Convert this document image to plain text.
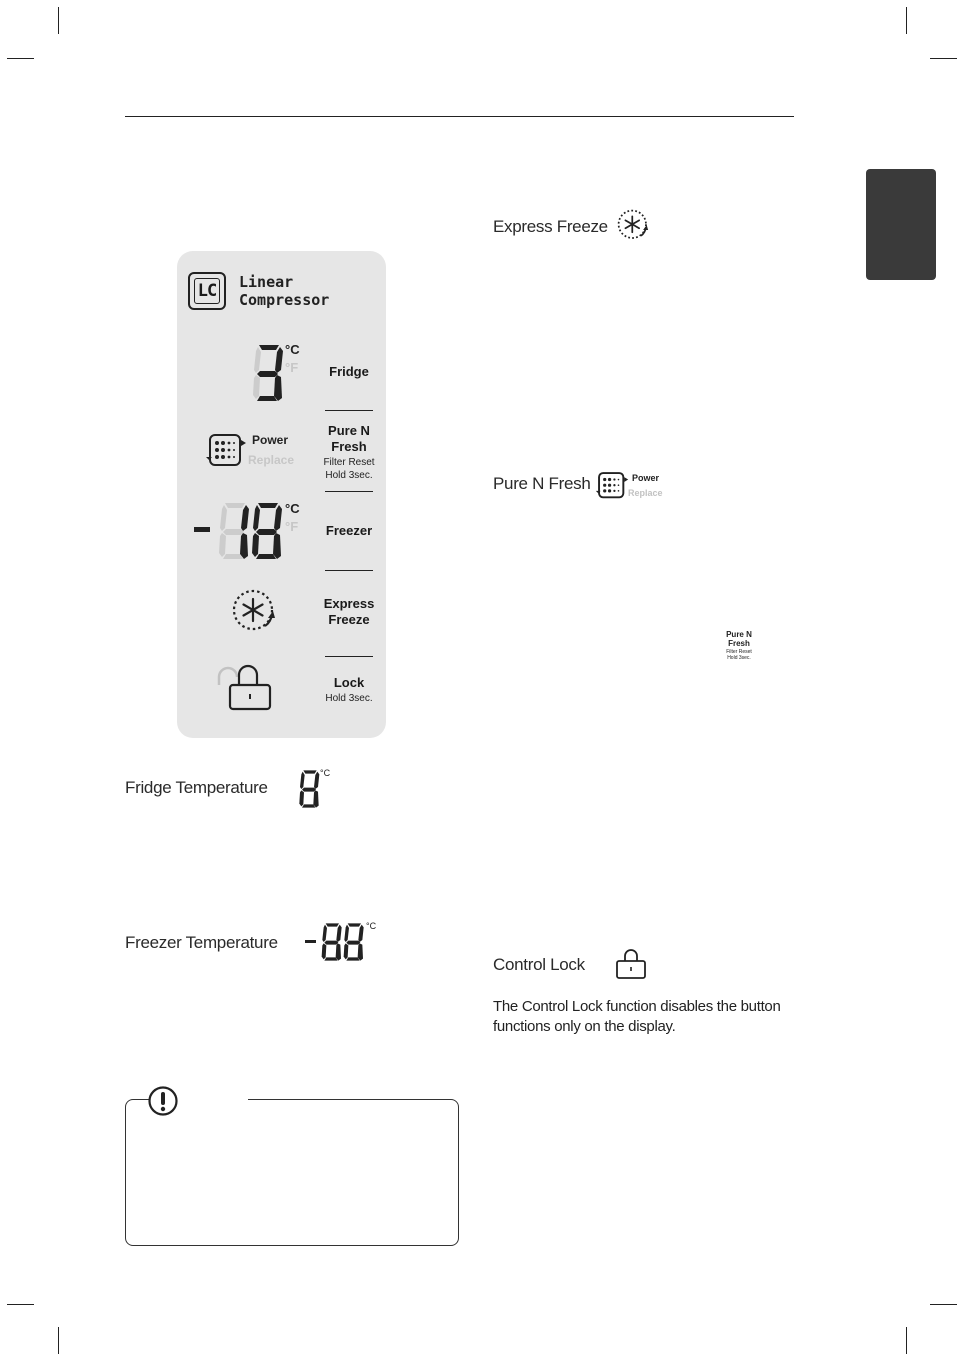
LC Linear
Compressor
°C
°F	Fridge
Power
Replace
Pure N
Fresh
Filter Reset
Hold 3sec.
°C
°F	Freezer
Express
Freeze
Lock
Hold 3sec.
Fridge Temperature
°C
Freezer Temperature
°C
Express Freeze
Pure N Fresh	Power
Replace
Pure N
Fresh
Filter Reset
Hold 3sec.
Control Lock
The Control Lock function disables the button functions only on the display.
